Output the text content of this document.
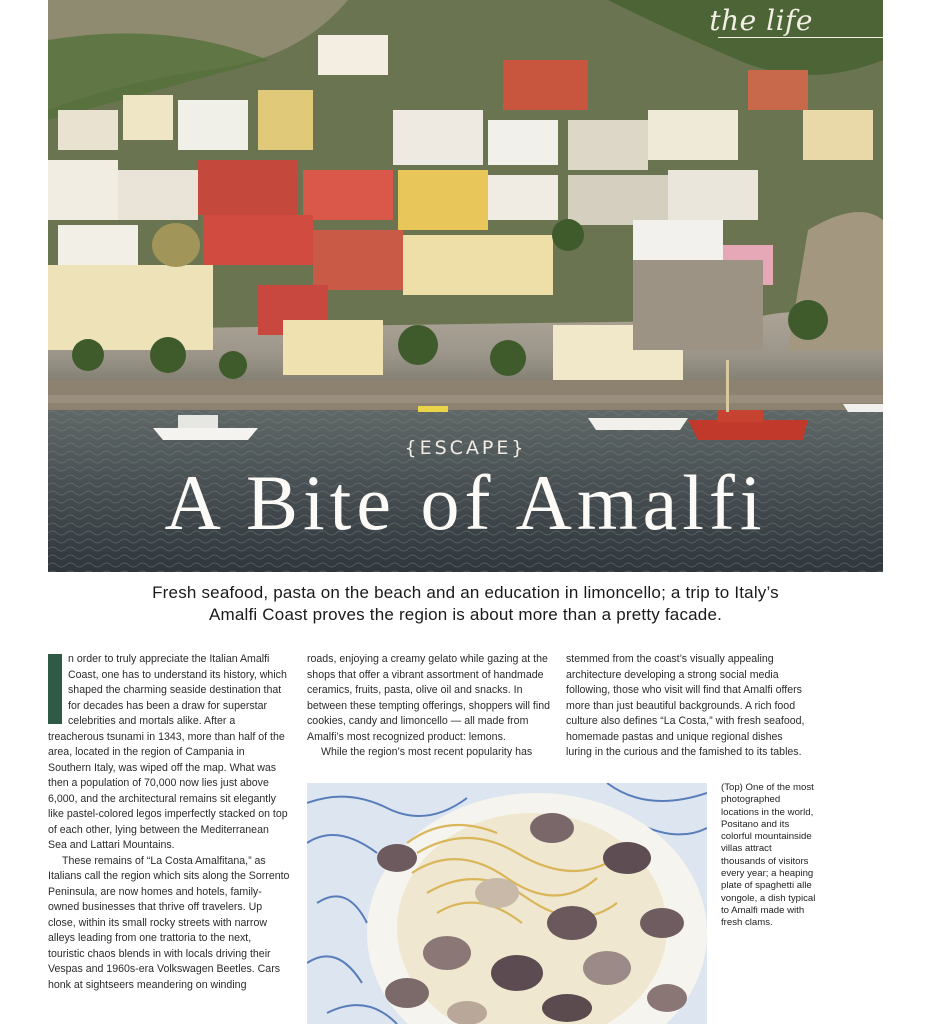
the life
{ESCAPE}
A Bite of Amalfi
Fresh seafood, pasta on the beach and an education in limoncello; a trip to Italy’s
Amalfi Coast proves the region is about more than a pretty facade.

n order to truly appreciate the Italian Amalfi Coast, one has to understand its history, which shaped the charming seaside destination that for decades has been a draw for superstar celebrities and mortals alike. After a treacherous tsunami in 1343, more than half of the area, located in the region of Campania in Southern Italy, was wiped off the map. What was then a population of 70,000 now lies just above 6,000, and the architectural remains sit elegantly like pastel-colored legos imperfectly stacked on top of each other, lying between the Mediterranean Sea and Lattari Mountains.

These remains of “La Costa Amalfitana,” as Italians call the region which sits along the Sorrento Peninsula, are now homes and hotels, family-owned businesses that thrive off travelers. Up close, within its small rocky streets with narrow alleys leading from one trattoria to the next, touristic chaos blends in with locals driving their Vespas and 1960s-era Volkswagen Beetles. Cars honk at sightseers meandering on winding

roads, enjoying a creamy gelato while gazing at the shops that offer a vibrant assortment of handmade ceramics, fruits, pasta, olive oil and snacks. In between these tempting offerings, shoppers will find cookies, candy and limoncello — all made from Amalfi’s most recognized product: lemons.

While the region’s most recent popularity has

stemmed from the coast’s visually appealing architecture developing a strong social media following, those who visit will find that Amalfi offers more than just beautiful backgrounds. A rich food culture also defines “La Costa,” with fresh seafood, homemade pastas and unique regional dishes luring in the curious and the famished to its tables.

(Top) One of the most photographed locations in the world, Positano and its colorful mountainside villas attract thousands of visitors every year; a heaping plate of spaghetti alle vongole, a dish typical to Amalfi made with fresh clams.
